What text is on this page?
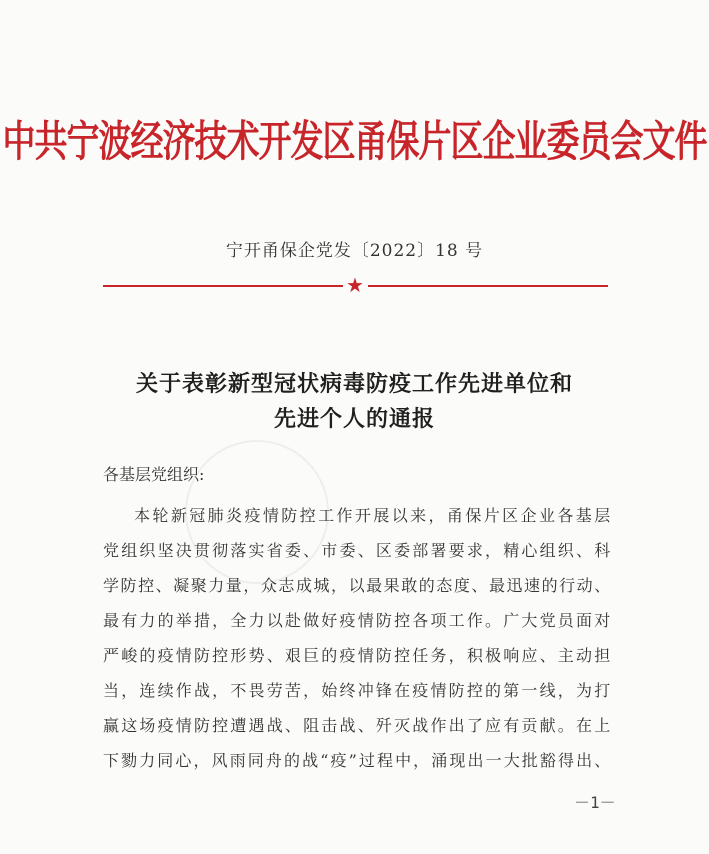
中共宁波经济技术开发区甬保片区企业委员会文件
宁开甬保企党发〔2022〕18 号
★
关于表彰新型冠状病毒防疫工作先进单位和
先进个人的通报
各基层党组织:
本轮新冠肺炎疫情防控工作开展以来，甬保片区企业各基层
党组织坚决贯彻落实省委、市委、区委部署要求，精心组织、科
学防控、凝聚力量，众志成城，以最果敢的态度、最迅速的行动、
最有力的举措，全力以赴做好疫情防控各项工作。广大党员面对
严峻的疫情防控形势、艰巨的疫情防控任务，积极响应、主动担
当，连续作战，不畏劳苦，始终冲锋在疫情防控的第一线，为打
赢这场疫情防控遭遇战、阻击战、歼灭战作出了应有贡献。在上
下勠力同心，风雨同舟的战“疫”过程中，涌现出一大批豁得出、
－1－
